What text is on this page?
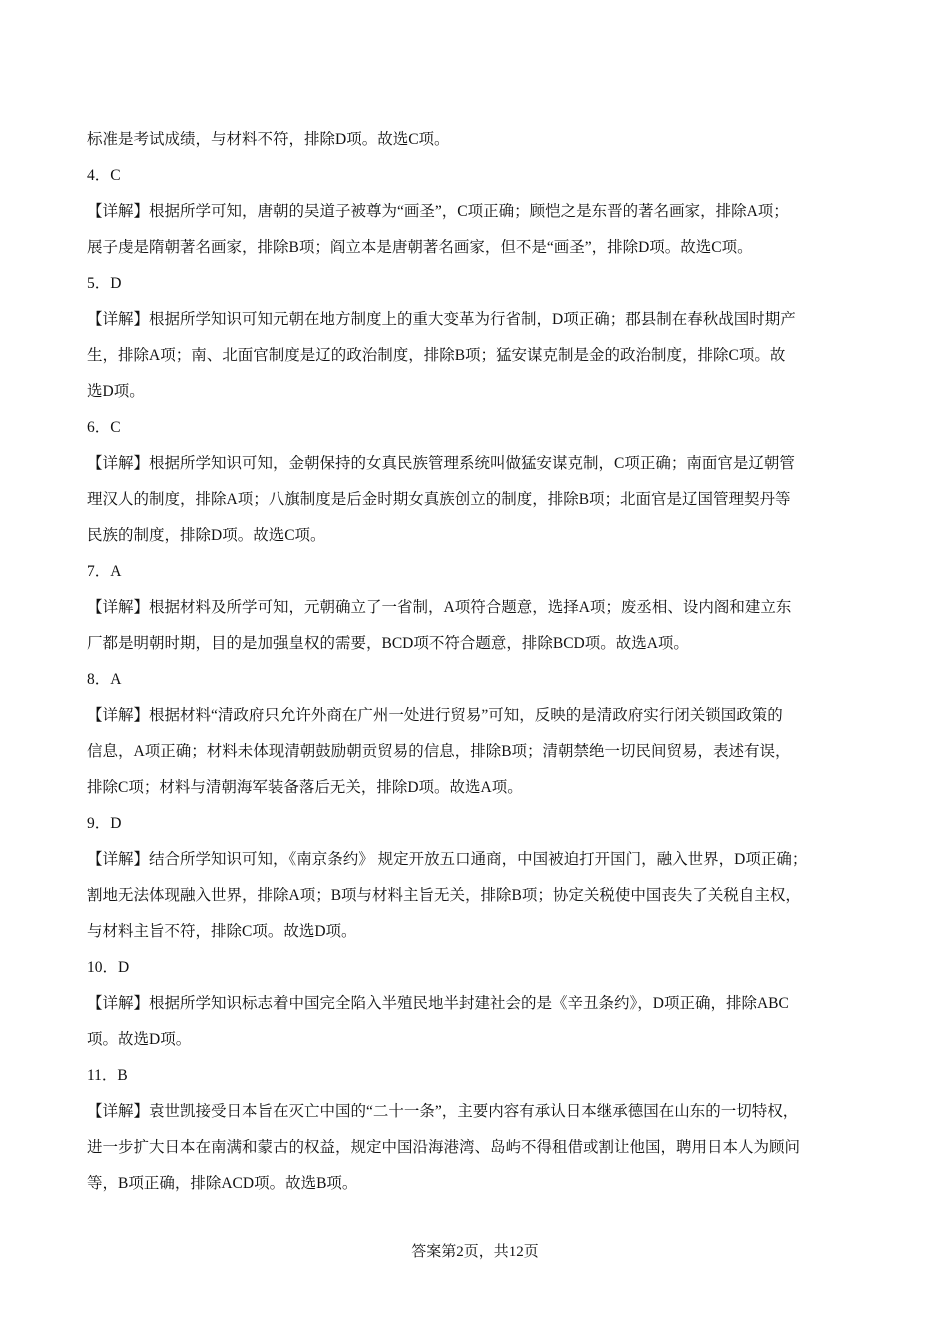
标准是考试成绩，与材料不符，排除D项。故选C项。
4．C
【详解】根据所学可知，唐朝的吴道子被尊为“画圣”，C项正确；顾恺之是东晋的著名画家，排除A项；
展子虔是隋朝著名画家，排除B项；阎立本是唐朝著名画家，但不是“画圣”，排除D项。故选C项。
5．D
【详解】根据所学知识可知元朝在地方制度上的重大变革为行省制，D项正确；郡县制在春秋战国时期产
生，排除A项；南、北面官制度是辽的政治制度，排除B项；猛安谋克制是金的政治制度，排除C项。故
选D项。
6．C
【详解】根据所学知识可知，金朝保持的女真民族管理系统叫做猛安谋克制，C项正确；南面官是辽朝管
理汉人的制度，排除A项；八旗制度是后金时期女真族创立的制度，排除B项；北面官是辽国管理契丹等
民族的制度，排除D项。故选C项。
7．A
【详解】根据材料及所学可知，元朝确立了一省制，A项符合题意，选择A项；废丞相、设内阁和建立东
厂都是明朝时期，目的是加强皇权的需要，BCD项不符合题意，排除BCD项。故选A项。
8．A
【详解】根据材料“清政府只允许外商在广州一处进行贸易”可知，反映的是清政府实行闭关锁国政策的
信息，A项正确；材料未体现清朝鼓励朝贡贸易的信息，排除B项；清朝禁绝一切民间贸易，表述有误，
排除C项；材料与清朝海军装备落后无关，排除D项。故选A项。
9．D
【详解】结合所学知识可知，《南京条约》 规定开放五口通商，中国被迫打开国门，融入世界，D项正确；
割地无法体现融入世界，排除A项；B项与材料主旨无关，排除B项；协定关税使中国丧失了关税自主权，
与材料主旨不符，排除C项。故选D项。
10．D
【详解】根据所学知识标志着中国完全陷入半殖民地半封建社会的是《辛丑条约》，D项正确，排除ABC
项。故选D项。
11．B
【详解】袁世凯接受日本旨在灭亡中国的“二十一条”，主要内容有承认日本继承德国在山东的一切特权，
进一步扩大日本在南满和蒙古的权益，规定中国沿海港湾、岛屿不得租借或割让他国，聘用日本人为顾问
等，B项正确，排除ACD项。故选B项。
答案第2页，共12页
